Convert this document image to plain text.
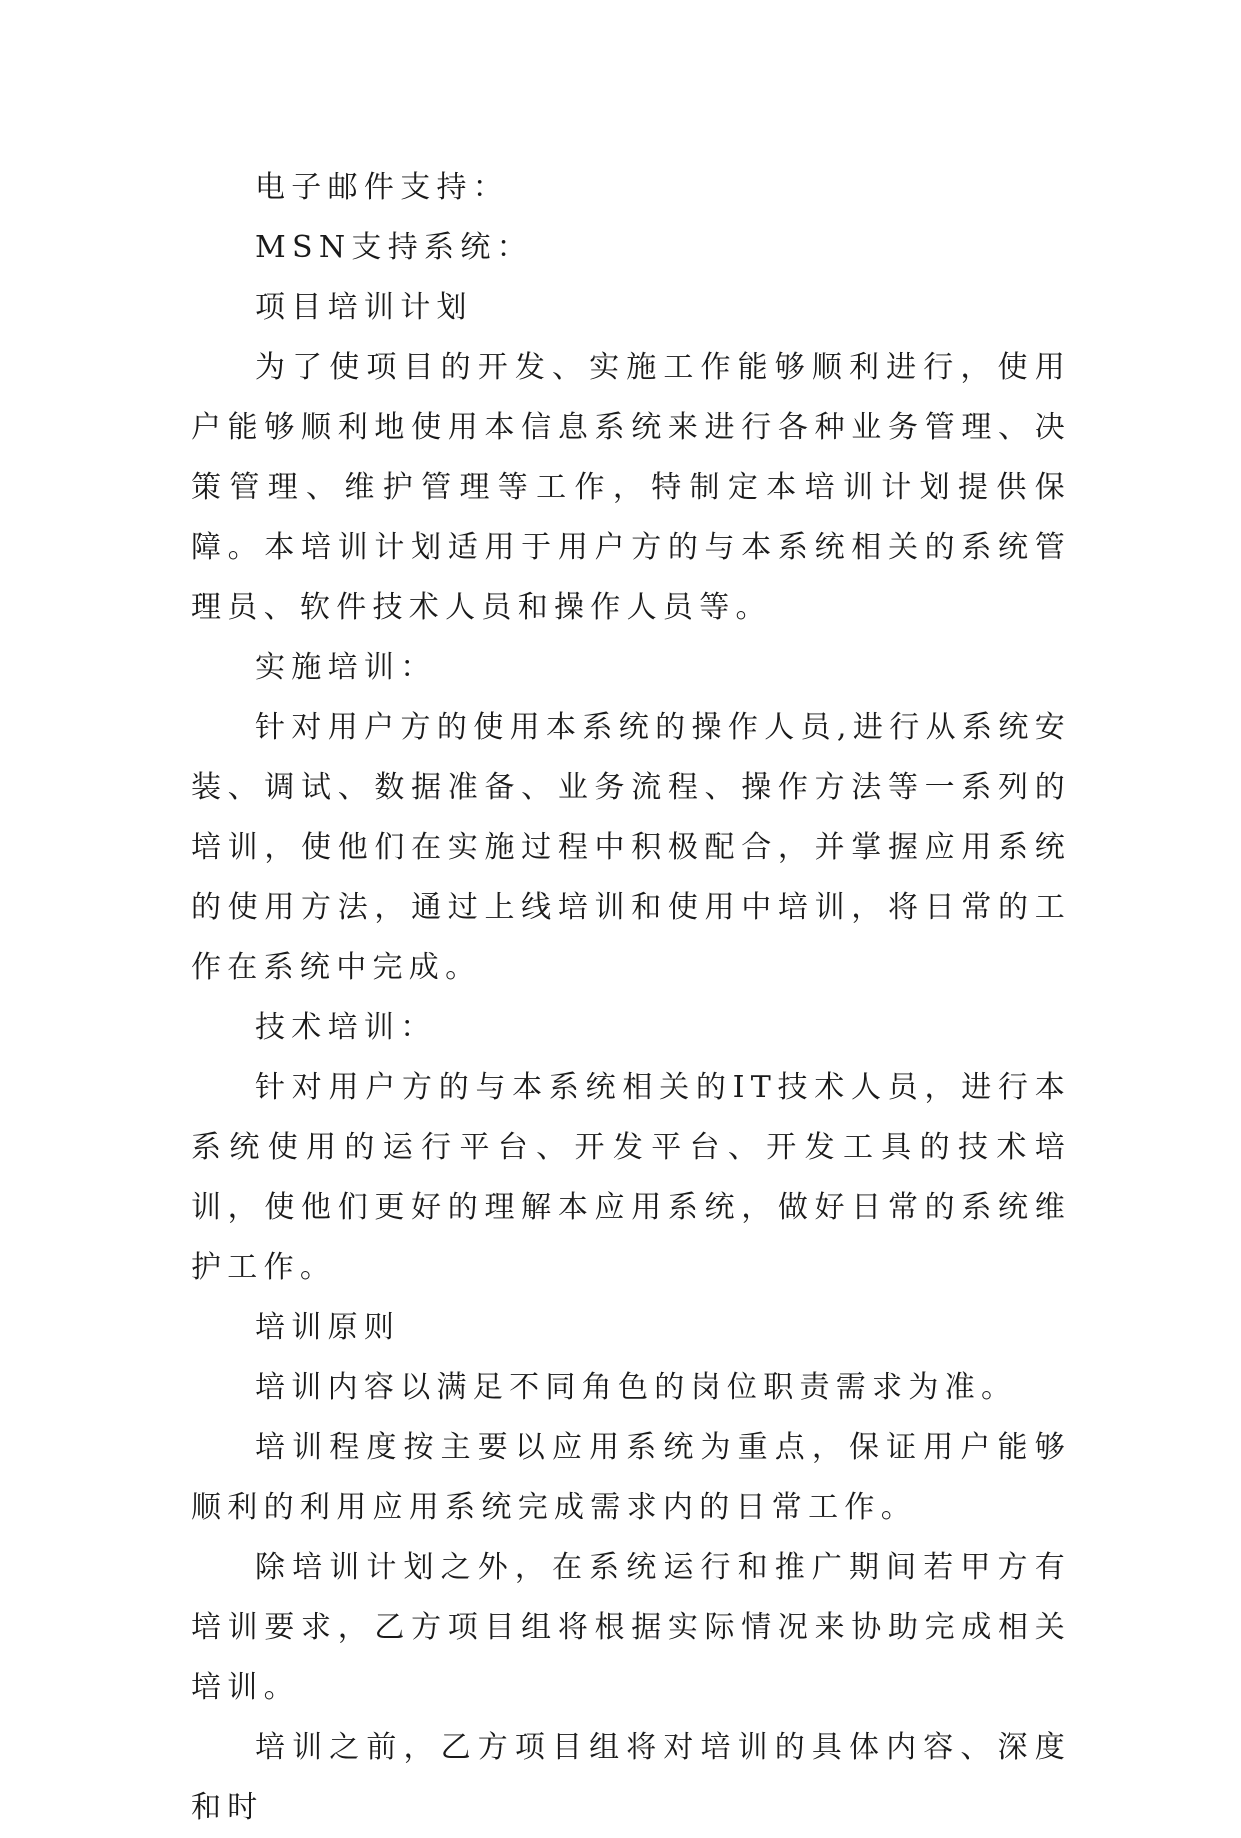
电子邮件支持：

MSN支持系统：

项目培训计划

为了使项目的开发、实施工作能够顺利进行，使用户能够顺利地使用本信息系统来进行各种业务管理、决策管理、维护管理等工作，特制定本培训计划提供保障。本培训计划适用于用户方的与本系统相关的系统管理员、软件技术人员和操作人员等。

实施培训：

针对用户方的使用本系统的操作人员,进行从系统安装、调试、数据准备、业务流程、操作方法等一系列的培训，使他们在实施过程中积极配合，并掌握应用系统的使用方法，通过上线培训和使用中培训，将日常的工作在系统中完成。

技术培训：

针对用户方的与本系统相关的IT技术人员，进行本系统使用的运行平台、开发平台、开发工具的技术培训，使他们更好的理解本应用系统，做好日常的系统维护工作。

培训原则

培训内容以满足不同角色的岗位职责需求为准。

培训程度按主要以应用系统为重点，保证用户能够顺利的利用应用系统完成需求内的日常工作。

除培训计划之外，在系统运行和推广期间若甲方有培训要求，乙方项目组将根据实际情况来协助完成相关培训。

培训之前，乙方项目组将对培训的具体内容、深度和时
